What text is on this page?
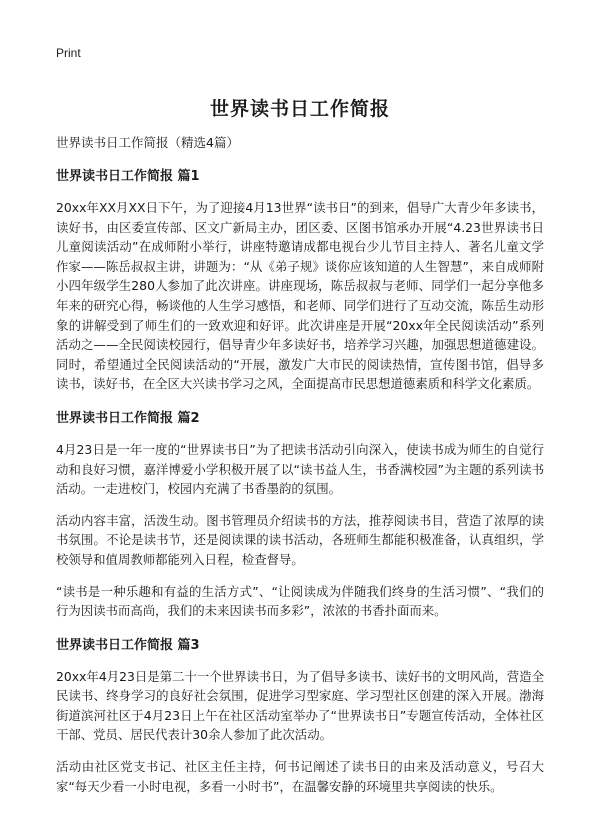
Print
世界读书日工作简报
世界读书日工作简报（精选4篇）
世界读书日工作简报 篇1
20xx年XX月XX日下午，为了迎接4月13世界“读书日”的到来，倡导广大青少年多读书，读好书，由区委宣传部、区文广新局主办，团区委、区图书馆承办开展“4.23世界读书日儿童阅读活动”在成师附小举行，讲座特邀请成都电视台少儿节目主持人、著名儿童文学作家——陈岳叔叔主讲，讲题为：“从《弟子规》谈你应该知道的人生智慧”，来自成师附小四年级学生280人参加了此次讲座。讲座现场，陈岳叔叔与老师、同学们一起分享他多年来的研究心得，畅谈他的人生学习感悟，和老师、同学们进行了互动交流，陈岳生动形象的讲解受到了师生们的一致欢迎和好评。此次讲座是开展“20xx年全民阅读活动”系列活动之——全民阅读校园行，倡导青少年多读好书，培养学习兴趣，加强思想道德建设。同时，希望通过全民阅读活动的“开展，激发广大市民的阅读热情，宣传图书馆，倡导多读书，读好书，在全区大兴读书学习之风，全面提高市民思想道德素质和科学文化素质。
世界读书日工作简报 篇2
4月23日是一年一度的“世界读书日”为了把读书活动引向深入，使读书成为师生的自觉行动和良好习惯，嘉洋博爱小学积极开展了以“读书益人生，书香满校园”为主题的系列读书活动。一走进校门，校园内充满了书香墨韵的氛围。
活动内容丰富，活泼生动。图书管理员介绍读书的方法，推荐阅读书目，营造了浓厚的读书氛围。不论是读书节，还是阅读课的读书活动，各班师生都能积极准备，认真组织，学校领导和值周教师都能列入日程，检查督导。
“读书是一种乐趣和有益的生活方式”、“让阅读成为伴随我们终身的生活习惯”、“我们的行为因读书而高尚，我们的未来因读书而多彩”，浓浓的书香扑面而来。
世界读书日工作简报 篇3
20xx年4月23日是第二十一个世界读书日，为了倡导多读书、读好书的文明风尚，营造全民读书、终身学习的良好社会氛围，促进学习型家庭、学习型社区创建的深入开展。渤海街道滨河社区于4月23日上午在社区活动室举办了“世界读书日”专题宣传活动，全体社区干部、党员、居民代表计30余人参加了此次活动。
活动由社区党支书记、社区主任主持，何书记阐述了读书日的由来及活动意义，号召大家“每天少看一小时电视，多看一小时书”，在温馨安静的环境里共享阅读的快乐。
